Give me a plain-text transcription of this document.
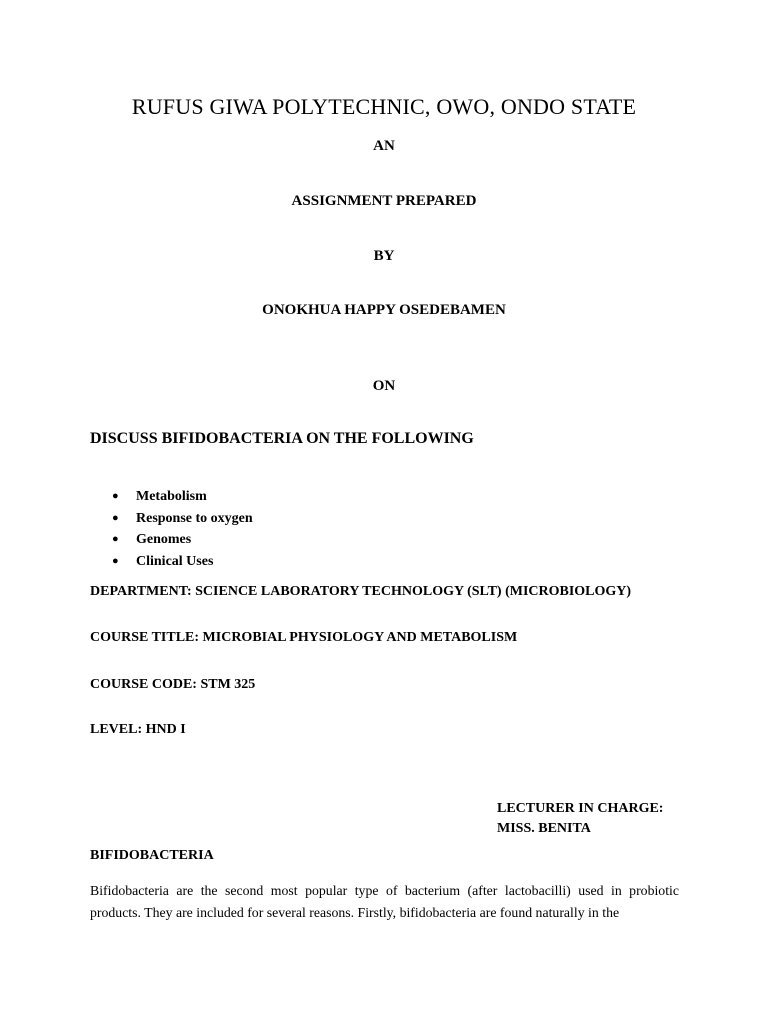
RUFUS GIWA POLYTECHNIC, OWO, ONDO STATE

AN

ASSIGNMENT PREPARED

BY

ONOKHUA HAPPY OSEDEBAMEN

ON

DISCUSS BIFIDOBACTERIA ON THE FOLLOWING
● Metabolism
● Response to oxygen
● Genomes
● Clinical Uses

DEPARTMENT: SCIENCE LABORATORY TECHNOLOGY (SLT) (MICROBIOLOGY)

COURSE TITLE: MICROBIAL PHYSIOLOGY AND METABOLISM

COURSE CODE: STM 325

LEVEL: HND I

LECTURER IN CHARGE:
MISS. BENITA
BIFIDOBACTERIA

Bifidobacteria are the second most popular type of bacterium (after lactobacilli) used in probiotic products. They are included for several reasons. Firstly, bifidobacteria are found naturally in the
